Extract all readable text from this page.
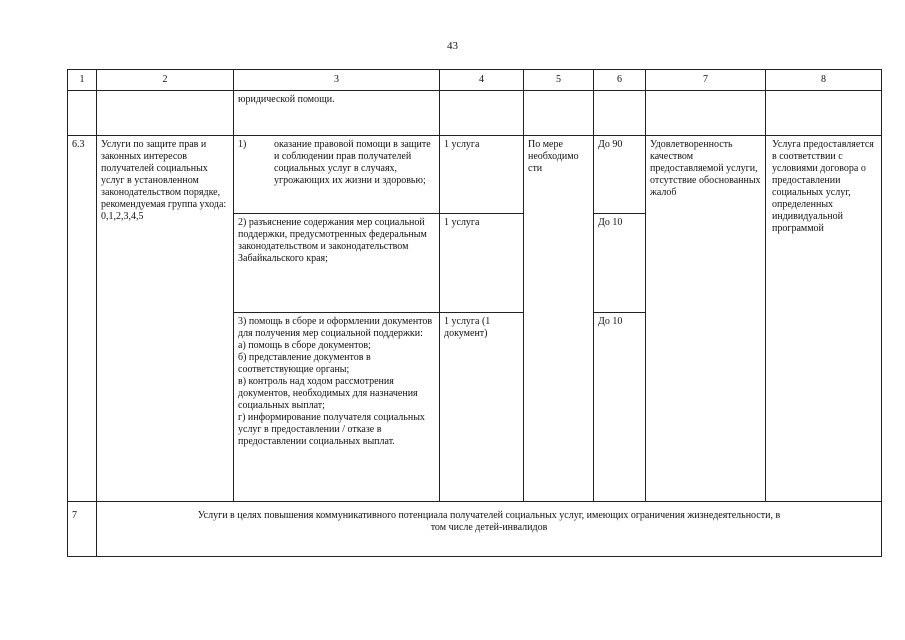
43
1	2	3	4	5	6	7	8
		юридической помощи.					
6.3	Услуги по защите прав и законных интересов получателей социальных услуг в установленном законодательством порядке, рекомендуемая группа ухода: 0,1,2,3,4,5	1) оказание правовой помощи в защите и соблюдении прав получателей социальных услуг в случаях, угрожающих их жизни и здоровью;	1 услуга	По мере необходимо сти	До 90	Удовлетворенность качеством предоставляемой услуги, отсутствие обоснованных жалоб	Услуга предоставляется в соответствии с условиями договора о предоставлении социальных услуг, определенных индивидуальной программой
		2) разъяснение содержания мер социальной поддержки, предусмотренных федеральным законодательством и законодательством Забайкальского края;	1 услуга		До 10		

		3) помощь в сборе и оформлении документов для получения мер социальной поддержки:
а) помощь в сборе документов;
б) представление документов в соответствующие органы;
в) контроль над ходом рассмотрения документов, необходимых для назначения социальных выплат;
г) информирование получателя социальных услуг в предоставлении / отказе в предоставлении социальных выплат.	1 услуга (1 документ)		До 10		
7	Услуги в целях повышения коммуникативного потенциала получателей социальных услуг, имеющих ограничения жизнедеятельности, в том числе детей-инвалидов						
